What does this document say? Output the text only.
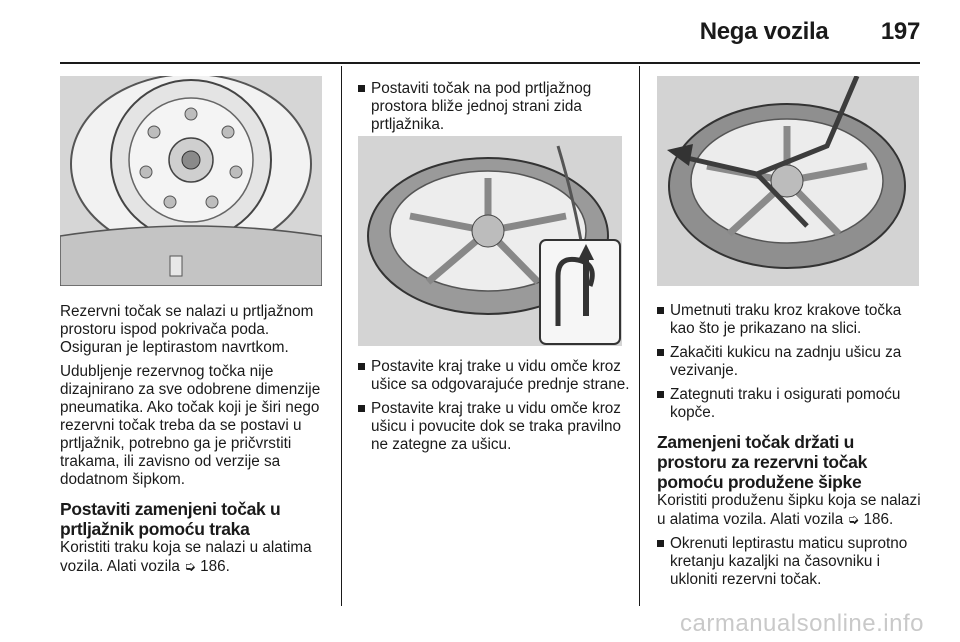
Nega vozila 197

Rezervni točak se nalazi u prtljažnom prostoru ispod pokrivača poda. Osiguran je leptirastom navrtkom.

Udubljenje rezervnog točka nije dizajnirano za sve odobrene dimenzije pneumatika. Ako točak koji je širi nego rezervni točak treba da se postavi u prtljažnik, potrebno ga je pričvrstiti trakama, ili zavisno od verzije sa dodatnom šipkom.

Postaviti zamenjeni točak u prtljažnik pomoću traka

Koristiti traku koja se nalazi u alatima vozila. Alati vozila ➭ 186.

Postaviti točak na pod prtljažnog prostora bliže jednoj strani zida prtljažnika.
Postavite kraj trake u vidu omče kroz ušice sa odgovarajuće prednje strane.
Postavite kraj trake u vidu omče kroz ušicu i povucite dok se traka pravilno ne zategne za ušicu.
Umetnuti traku kroz krakove točka kao što je prikazano na slici.
Zakačiti kukicu na zadnju ušicu za vezivanje.
Zategnuti traku i osigurati pomoću kopče.
Zamenjeni točak držati u prostoru za rezervni točak pomoću produžene šipke

Koristiti produženu šipku koja se nalazi u alatima vozila. Alati vozila ➭ 186.

Okrenuti leptirastu maticu suprotno kretanju kazaljki na časovniku i ukloniti rezervni točak.
carmanualsonline.info
